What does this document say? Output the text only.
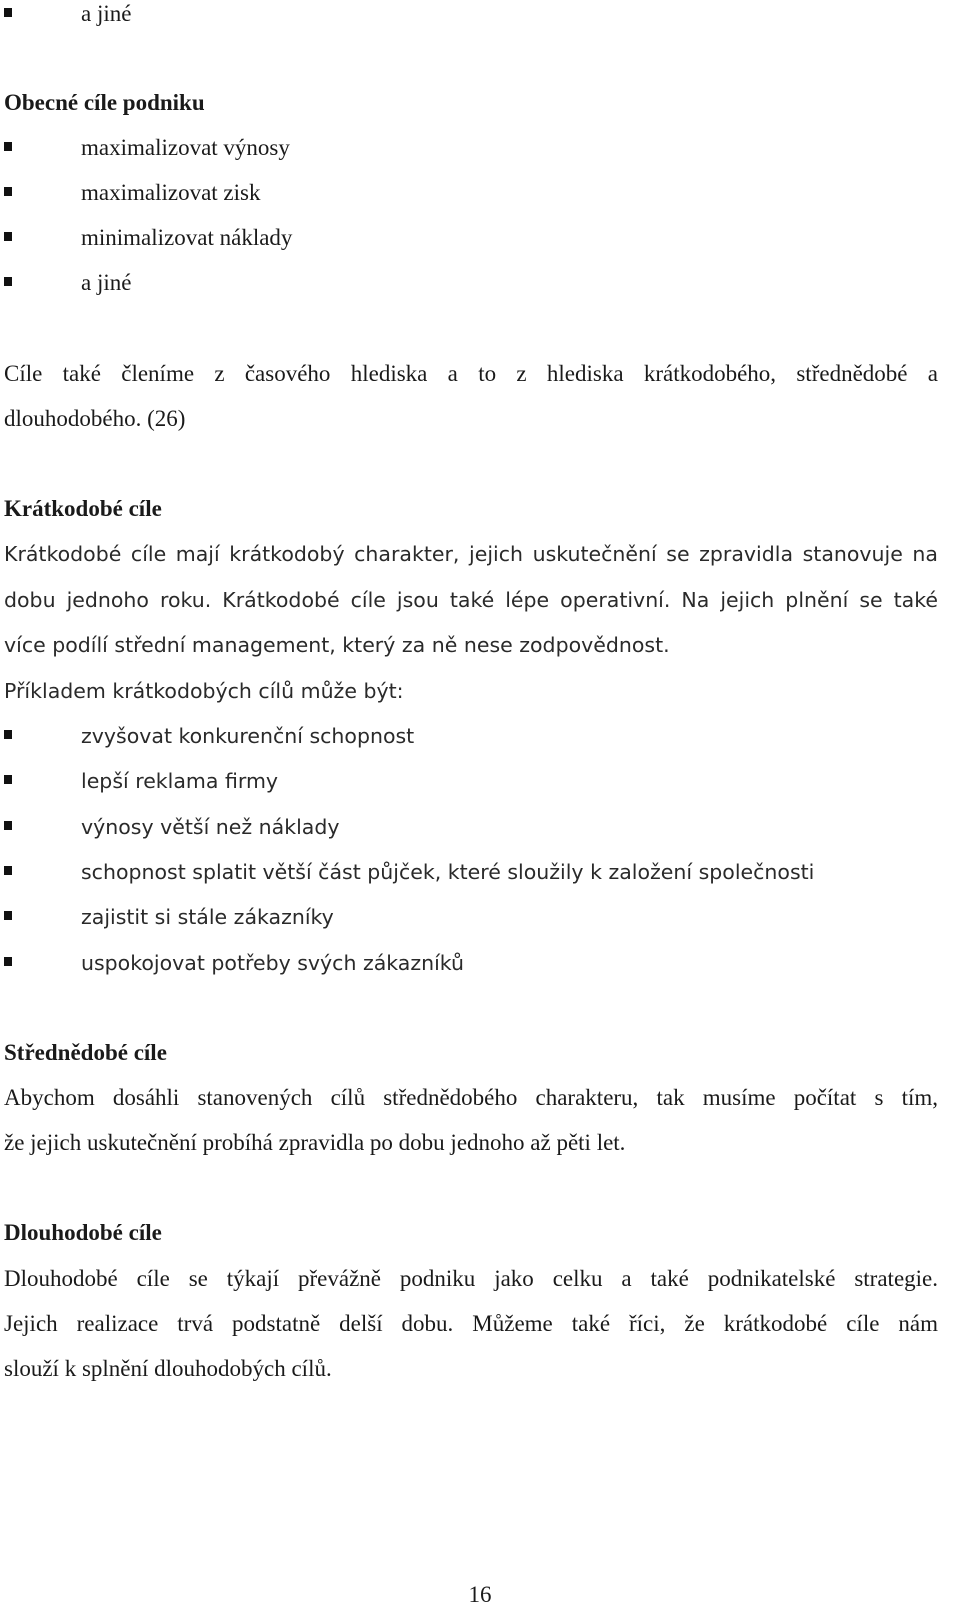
a jiné
Obecné cíle podniku
maximalizovat výnosy
maximalizovat zisk
minimalizovat náklady
a jiné
Cíle také členíme z časového hlediska a to z hlediska krátkodobého, střednědobé a
dlouhodobého. (26)
Krátkodobé cíle
Krátkodobé cíle mají krátkodobý charakter, jejich uskutečnění se zpravidla stanovuje na
dobu jednoho roku. Krátkodobé cíle jsou také lépe operativní. Na jejich plnění se také
více podílí střední management, který za ně nese zodpovědnost.
Příkladem krátkodobých cílů může být:
zvyšovat konkurenční schopnost
lepší reklama firmy
výnosy větší než náklady
schopnost splatit větší část půjček, které sloužily k založení společnosti
zajistit si stále zákazníky
uspokojovat potřeby svých zákazníků
Střednědobé cíle
Abychom dosáhli stanovených cílů střednědobého charakteru, tak musíme počítat s tím,
že jejich uskutečnění probíhá zpravidla po dobu jednoho až pěti let.
Dlouhodobé cíle
Dlouhodobé cíle se týkají převážně podniku jako celku a také podnikatelské strategie.
Jejich realizace trvá podstatně delší dobu. Můžeme také říci, že krátkodobé cíle nám
slouží k splnění dlouhodobých cílů.
16
